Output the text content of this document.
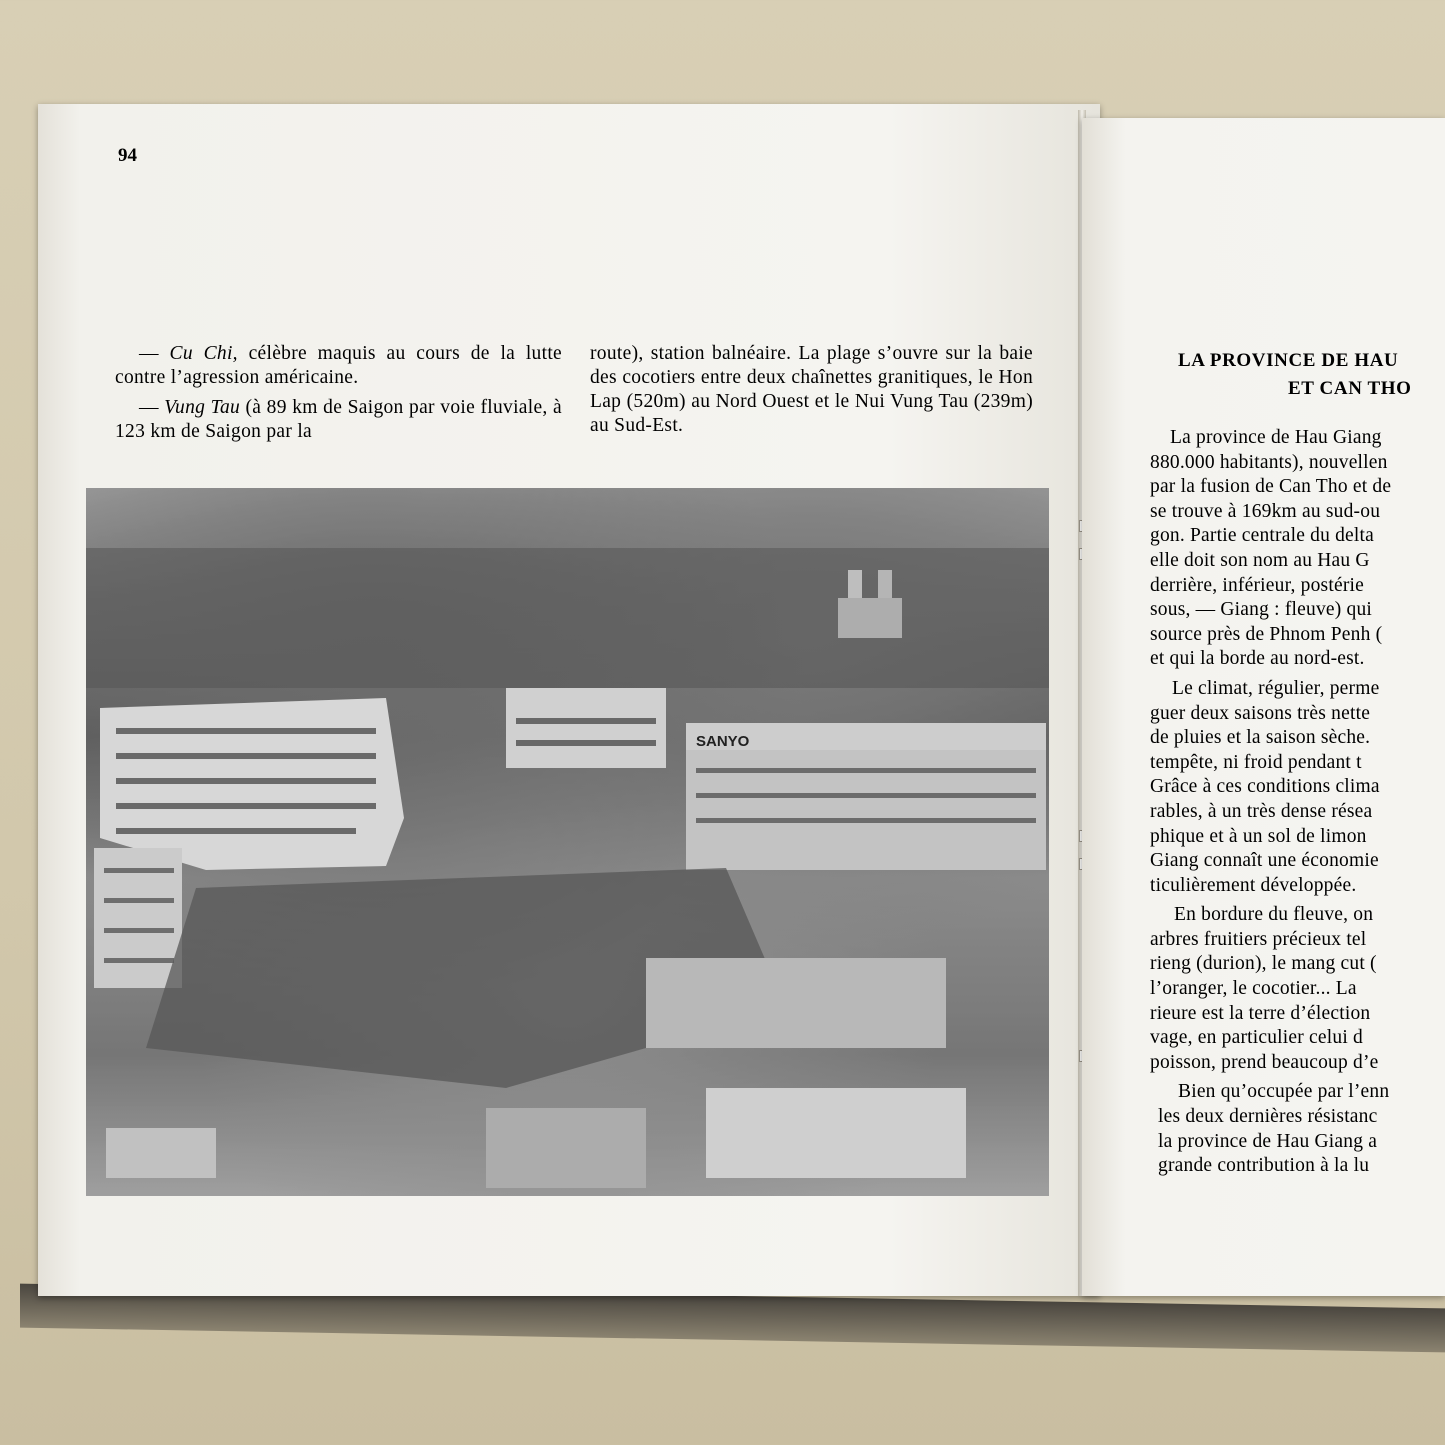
94

— Cu Chi, célèbre maquis au cours de la lutte contre l’agression américaine.

— Vung Tau (à 89 km de Saigon par voie fluviale, à 123 km de Saigon par la

route), station balnéaire. La plage s’ouvre sur la baie des cocotiers entre deux chaînettes granitiques, le Hon Lap (520m) au Nord Ouest et le Nui Vung Tau (239m) au Sud-Est.

SANYO
LA PROVINCE DE HAU
ET CAN THO
La province de Hau Giang
880.000 habitants), nouvellen
par la fusion de Can Tho et de
se trouve à 169km au sud-ou
gon. Partie centrale du delta
elle doit son nom au Hau G
derrière, inférieur, postérie
sous, — Giang : fleuve) qui
source près de Phnom Penh (
et qui la borde au nord-est.
Le climat, régulier, perme
guer deux saisons très nette
de pluies et la saison sèche.
tempête, ni froid pendant t
Grâce à ces conditions clima
rables, à un très dense résea
phique et à un sol de limon
Giang connaît une économie
ticulièrement développée.
En bordure du fleuve, on
arbres fruitiers précieux tel
rieng (durion), le mang cut (
l’oranger, le cocotier... La
rieure est la terre d’élection
vage, en particulier celui d
poisson, prend beaucoup d’e
Bien qu’occupée par l’enn
les deux dernières résistanc
la province de Hau Giang a
grande contribution à la lu
